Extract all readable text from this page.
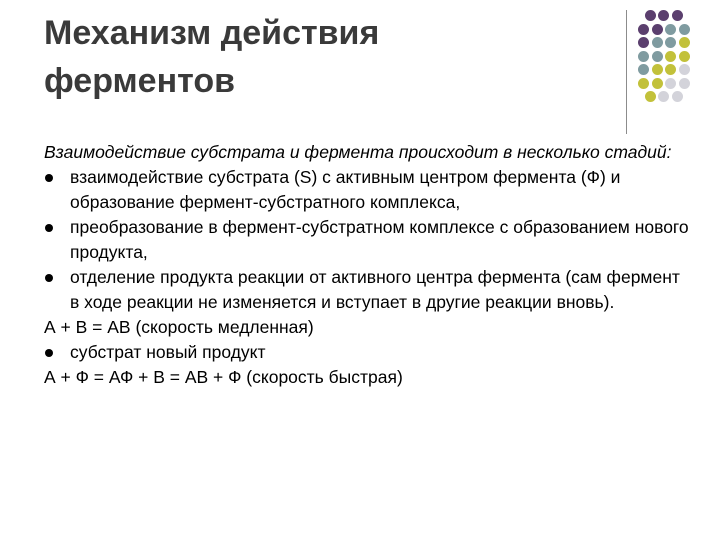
Механизм действия
ферментов

Взаимодействие субстрата и фермента происходит в несколько стадий:

взаимодействие субстрата (S) с активным центром фермента (Ф) и образование фермент-субстратного комплекса,
преобразование в фермент-субстратном комплексе с образованием нового продукта,
отделение продукта реакции от активного центра фермента (сам фермент в ходе реакции не изменяется и вступает в другие реакции вновь).

А + В = АВ (скорость медленная)

субстрат новый продукт

А + Ф = АФ + В = АВ + Ф (скорость быстрая)
